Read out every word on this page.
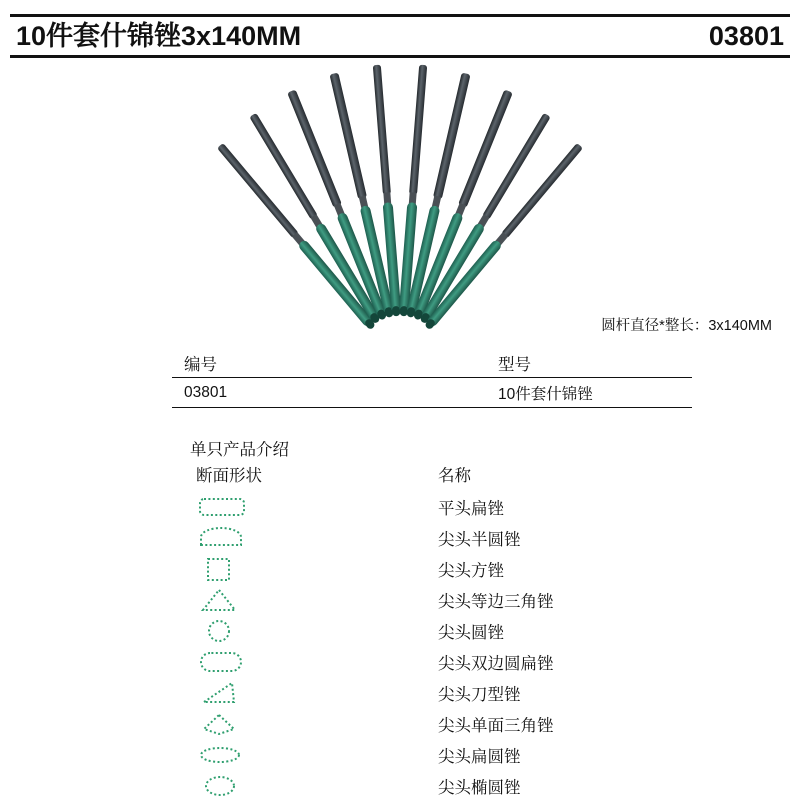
10件套什锦锉3x140MM	03801
圆杆直径*整长：3x140MM
编号	型号
03801	10件套什锦锉
单只产品介绍
断面形状	名称
平头扁锉
尖头半圆锉
尖头方锉
尖头等边三角锉
尖头圆锉
尖头双边圆扁锉
尖头刀型锉
尖头单面三角锉
尖头扁圆锉
尖头椭圆锉
